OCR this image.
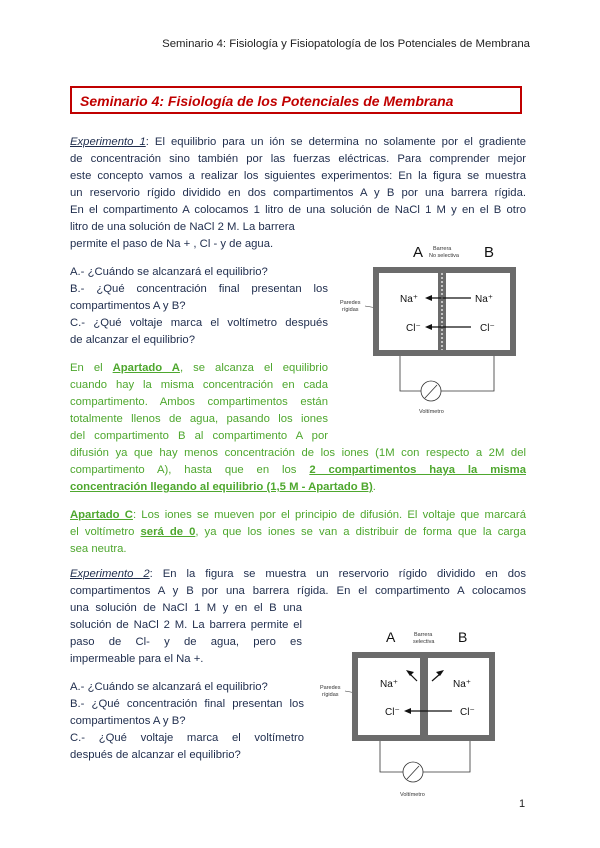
Seminario 4: Fisiología y Fisiopatología de los Potenciales de Membrana
Seminario 4: Fisiología de los Potenciales de Membrana
Experimento 1: El equilibrio para un ión se determina no solamente por el gradiente
de concentración sino también por las fuerzas eléctricas. Para comprender mejor
este concepto vamos a realizar los siguientes experimentos: En la figura se muestra
un reservorio rígido dividido en dos compartimentos A y B por una barrera rígida.
En el compartimento A colocamos 1 litro de una solución de NaCl 1 M y en el B otro
litro de una solución de NaCl 2 M. La barrera
permite el paso de Na + , Cl - y de agua.
A.- ¿Cuándo se alcanzará el equilibrio?
B.- ¿Qué concentración final presentan los
compartimentos A y B?
C.- ¿Qué voltaje marca el voltímetro después
de alcanzar el equilibrio?
En el Apartado A, se alcanza el equilibrio
cuando hay la misma concentración en cada
compartimento. Ambos compartimentos están
totalmente llenos de agua, pasando los iones
del compartimento B al compartimento A por
difusión ya que hay menos concentración de los iones (1M con respecto a 2M del
compartimento A), hasta que en los 2 compartimentos haya la misma
concentración llegando al equilibrio (1,5 M - Apartado B).
Apartado C: Los iones se mueven por el principio de difusión. El voltaje que marcará
el voltímetro será de 0, ya que los iones se van a distribuir de forma que la carga
sea neutra.
A	B
Barrera
No selectiva
Paredes
rígidas
Na⁺	Na⁺
Cl⁻	Cl⁻
Voltímetro
Experimento 2: En la figura se muestra un reservorio rígido dividido en dos
compartimentos A y B por una barrera rígida. En el compartimento A colocamos
una solución de NaCl 1 M y en el B una
solución de NaCl 2 M. La barrera permite el
paso de Cl- y de agua, pero es
impermeable para el Na +.
A.- ¿Cuándo se alcanzará el equilibrio?
B.- ¿Qué concentración final presentan los
compartimentos A y B?
C.- ¿Qué voltaje marca el voltímetro
después de alcanzar el equilibrio?
A	B
Barrera
selectiva
Paredes
rígidas
Na⁺	Na⁺
Cl⁻	Cl⁻
Voltímetro
1
